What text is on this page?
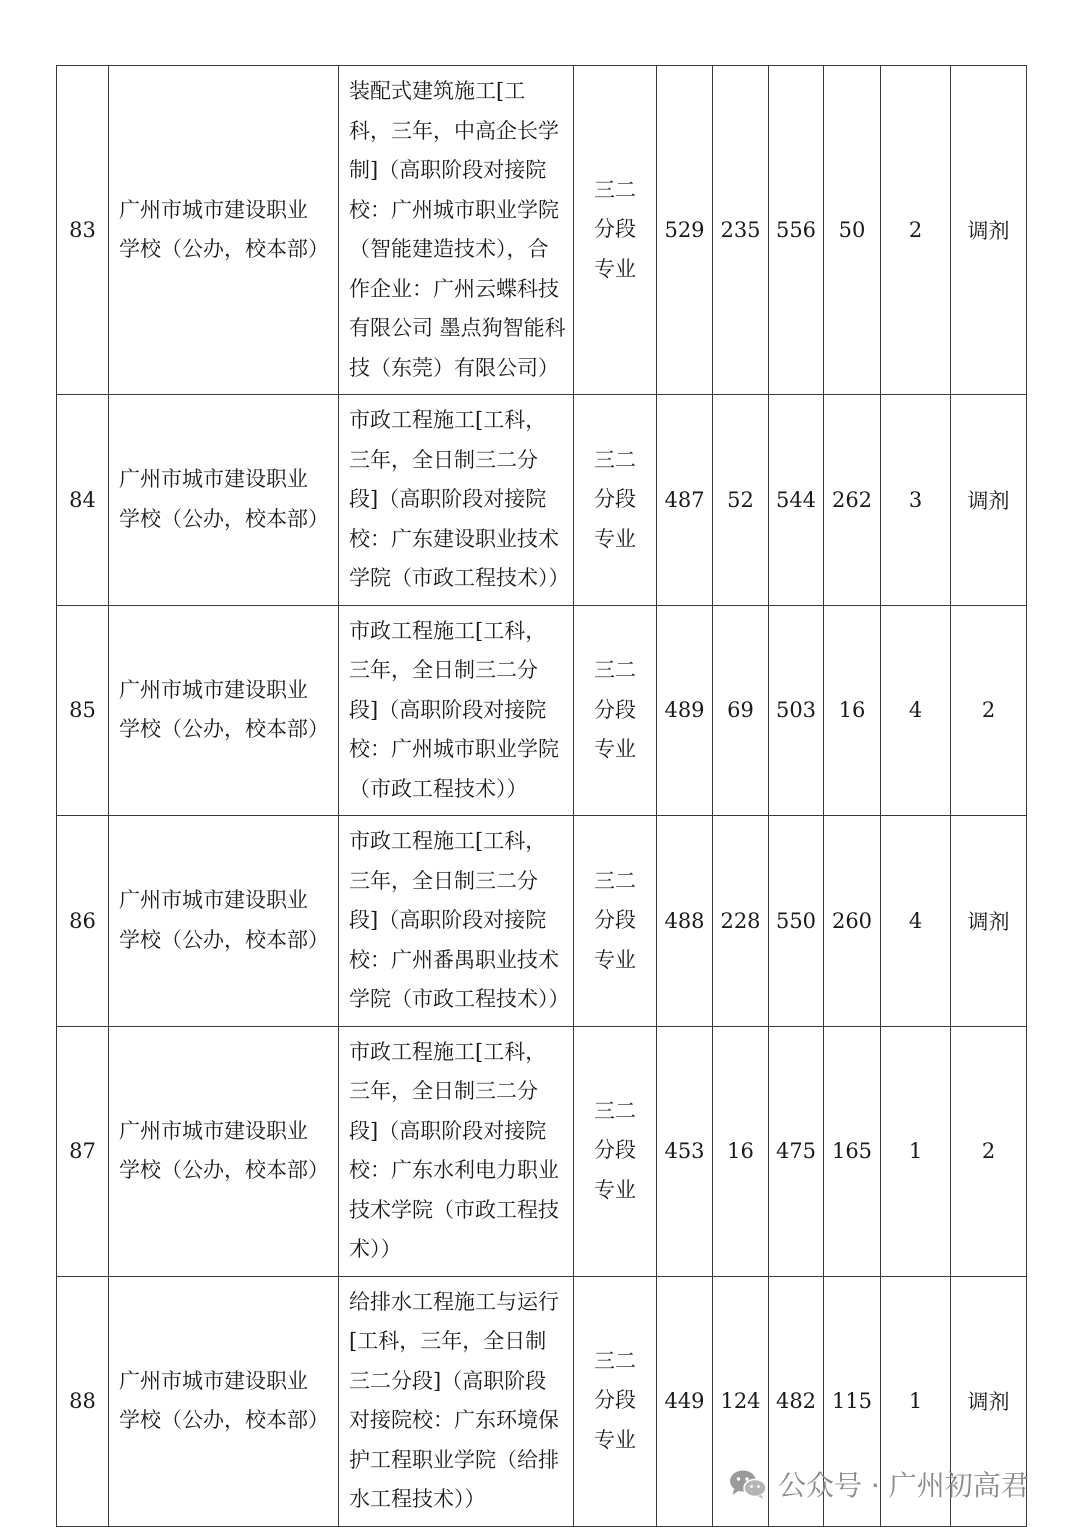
83	广州市城市建设职业
学校（公办，校本部）	装配式建筑施工[工科，三年，中高企长学制]（高职阶段对接院校：广州城市职业学院（智能建造技术），合作企业：广州云蝶科技有限公司 墨点狗智能科技（东莞）有限公司）	三二
分段
专业	529	235	556	50	2	调剂
84	广州市城市建设职业
学校（公办，校本部）	市政工程施工[工科，三年，全日制三二分段]（高职阶段对接院校：广东建设职业技术学院（市政工程技术））	三二
分段
专业	487	52	544	262	3	调剂
85	广州市城市建设职业
学校（公办，校本部）	市政工程施工[工科，三年，全日制三二分段]（高职阶段对接院校：广州城市职业学院（市政工程技术））	三二
分段
专业	489	69	503	16	4	2
86	广州市城市建设职业
学校（公办，校本部）	市政工程施工[工科，三年，全日制三二分段]（高职阶段对接院校：广州番禺职业技术学院（市政工程技术））	三二
分段
专业	488	228	550	260	4	调剂
87	广州市城市建设职业
学校（公办，校本部）	市政工程施工[工科，三年，全日制三二分段]（高职阶段对接院校：广东水利电力职业技术学院（市政工程技术））	三二
分段
专业	453	16	475	165	1	2
88	广州市城市建设职业
学校（公办，校本部）	给排水工程施工与运行[工科，三年，全日制三二分段]（高职阶段对接院校：广东环境保护工程职业学院（给排水工程技术））	三二
分段
专业	449	124	482	115	1	调剂
公众号 · 广州初高君
